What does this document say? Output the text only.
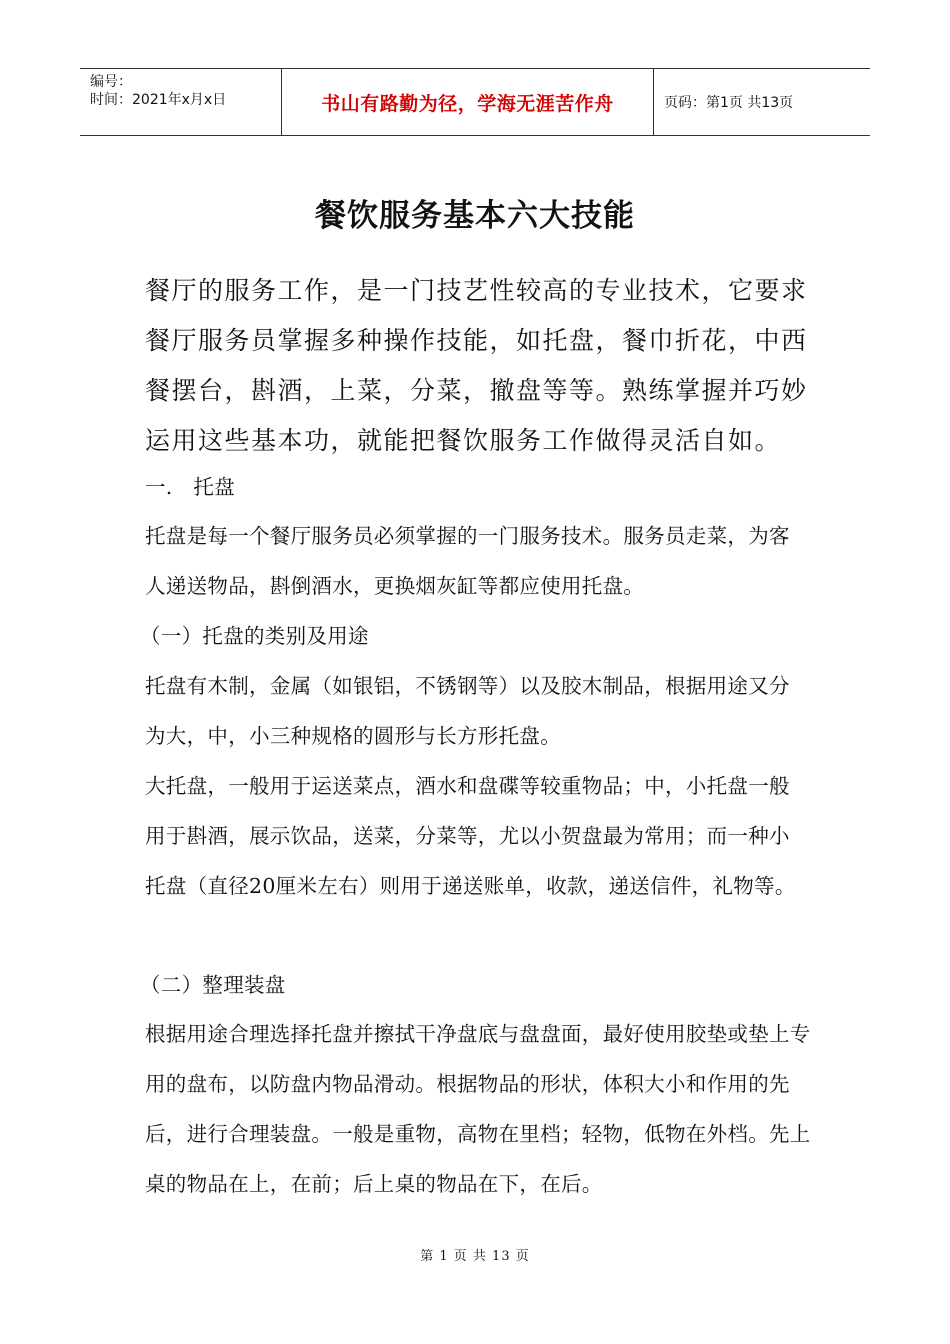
编号：
时间：2021年x月x日	书山有路勤为径，学海无涯苦作舟	页码：第1页 共13页
餐饮服务基本六大技能

餐厅的服务工作，是一门技艺性较高的专业技术，它要求餐厅服务员掌握多种操作技能，如托盘，餐巾折花，中西餐摆台，斟酒，上菜，分菜，撤盘等等。熟练掌握并巧妙运用这些基本功，就能把餐饮服务工作做得灵活自如。

一.　托盘

托盘是每一个餐厅服务员必须掌握的一门服务技术。服务员走菜，为客人递送物品，斟倒酒水，更换烟灰缸等都应使用托盘。

（一）托盘的类别及用途

托盘有木制，金属（如银铝，不锈钢等）以及胶木制品，根据用途又分为大，中，小三种规格的圆形与长方形托盘。

大托盘，一般用于运送菜点，酒水和盘碟等较重物品；中，小托盘一般用于斟酒，展示饮品，送菜，分菜等，尤以小贺盘最为常用；而一种小托盘（直径20厘米左右）则用于递送账单，收款，递送信件，礼物等。

（二）整理装盘

根据用途合理选择托盘并擦拭干净盘底与盘盘面，最好使用胶垫或垫上专用的盘布，以防盘内物品滑动。根据物品的形状，体积大小和作用的先后，进行合理装盘。一般是重物，高物在里档；轻物，低物在外档。先上桌的物品在上，在前；后上桌的物品在下，在后。

第 1 页 共 13 页
